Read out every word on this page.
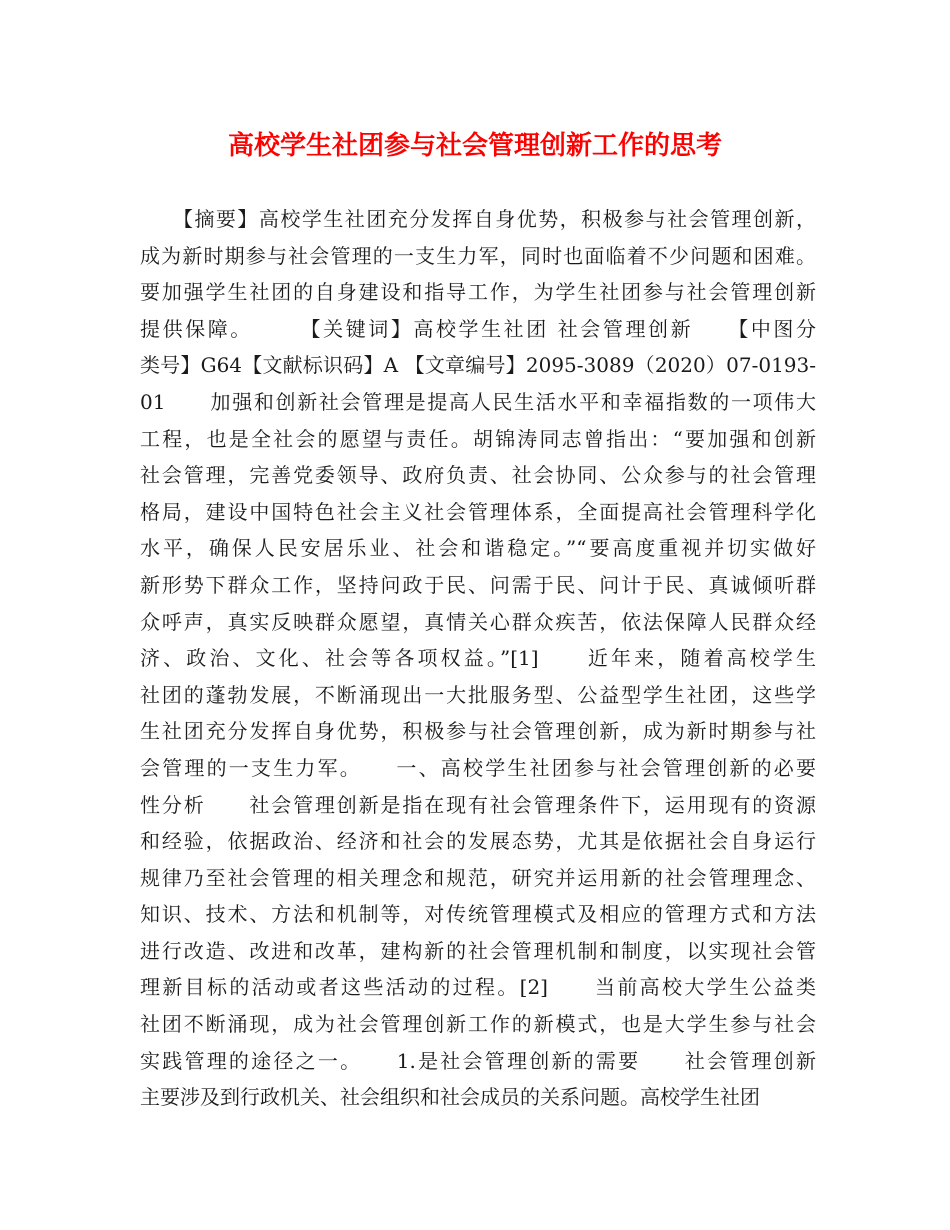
高校学生社团参与社会管理创新工作的思考
　　【摘要】高校学生社团充分发挥自身优势，积极参与社会管理创新，
成为新时期参与社会管理的一支生力军，同时也面临着不少问题和困难。
要加强学生社团的自身建设和指导工作，为学生社团参与社会管理创新
提供保障。　　　【关键词】高校学生社团 社会管理创新　　【中图分
类号】G64【文献标识码】A 【文章编号】2095-3089（2020）07-0193-
01　　加强和创新社会管理是提高人民生活水平和幸福指数的一项伟大
工程，也是全社会的愿望与责任。胡锦涛同志曾指出：“要加强和创新
社会管理，完善党委领导、政府负责、社会协同、公众参与的社会管理
格局，建设中国特色社会主义社会管理体系，全面提高社会管理科学化
水平，确保人民安居乐业、社会和谐稳定。”“要高度重视并切实做好
新形势下群众工作，坚持问政于民、问需于民、问计于民、真诚倾听群
众呼声，真实反映群众愿望，真情关心群众疾苦，依法保障人民群众经
济、政治、文化、社会等各项权益。”[1]　　近年来，随着高校学生
社团的蓬勃发展，不断涌现出一大批服务型、公益型学生社团，这些学
生社团充分发挥自身优势，积极参与社会管理创新，成为新时期参与社
会管理的一支生力军。　　一、高校学生社团参与社会管理创新的必要
性分析　　社会管理创新是指在现有社会管理条件下，运用现有的资源
和经验，依据政治、经济和社会的发展态势，尤其是依据社会自身运行
规律乃至社会管理的相关理念和规范，研究并运用新的社会管理理念、
知识、技术、方法和机制等，对传统管理模式及相应的管理方式和方法
进行改造、改进和改革，建构新的社会管理机制和制度，以实现社会管
理新目标的活动或者这些活动的过程。[2]　　当前高校大学生公益类
社团不断涌现，成为社会管理创新工作的新模式，也是大学生参与社会
实践管理的途径之一。　　1.是社会管理创新的需要　　社会管理创新
主要涉及到行政机关、社会组织和社会成员的关系问题。高校学生社团
